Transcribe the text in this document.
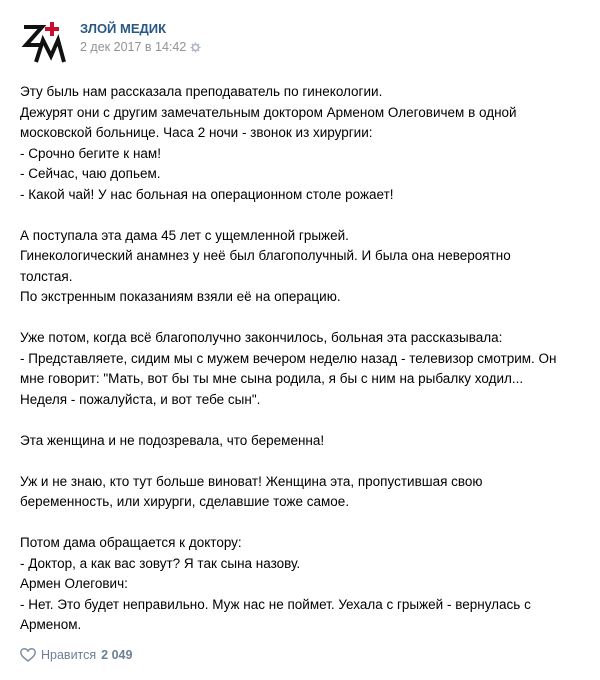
ЗЛОЙ МЕДИК
2 дек 2017 в 14:42

Эту быль нам рассказала преподаватель по гинекологии.

Дежурят они с другим замечательным доктором Арменом Олеговичем в одной

московской больнице. Часа 2 ночи - звонок из хирургии:

- Срочно бегите к нам!

- Сейчас, чаю допьем.

- Какой чай! У нас больная на операционном столе рожает!

А поступала эта дама 45 лет с ущемленной грыжей.

Гинекологический анамнез у неё был благополучный. И была она невероятно

толстая.

По экстренным показаниям взяли её на операцию.

Уже потом, когда всё благополучно закончилось, больная эта рассказывала:

- Представляете, сидим мы с мужем вечером неделю назад - телевизор смотрим. Он

мне говорит: "Мать, вот бы ты мне сына родила, я бы с ним на рыбалку ходил...

Неделя - пожалуйста, и вот тебе сын".

Эта женщина и не подозревала, что беременна!

Уж и не знаю, кто тут больше виноват! Женщина эта, пропустившая свою

беременность, или хирурги, сделавшие тоже самое.

Потом дама обращается к доктору:

- Доктор, а как вас зовут? Я так сына назову.

Армен Олегович:

- Нет. Это будет неправильно. Муж нас не поймет. Уехала с грыжей - вернулась с

Арменом.

Нравится 2 049
